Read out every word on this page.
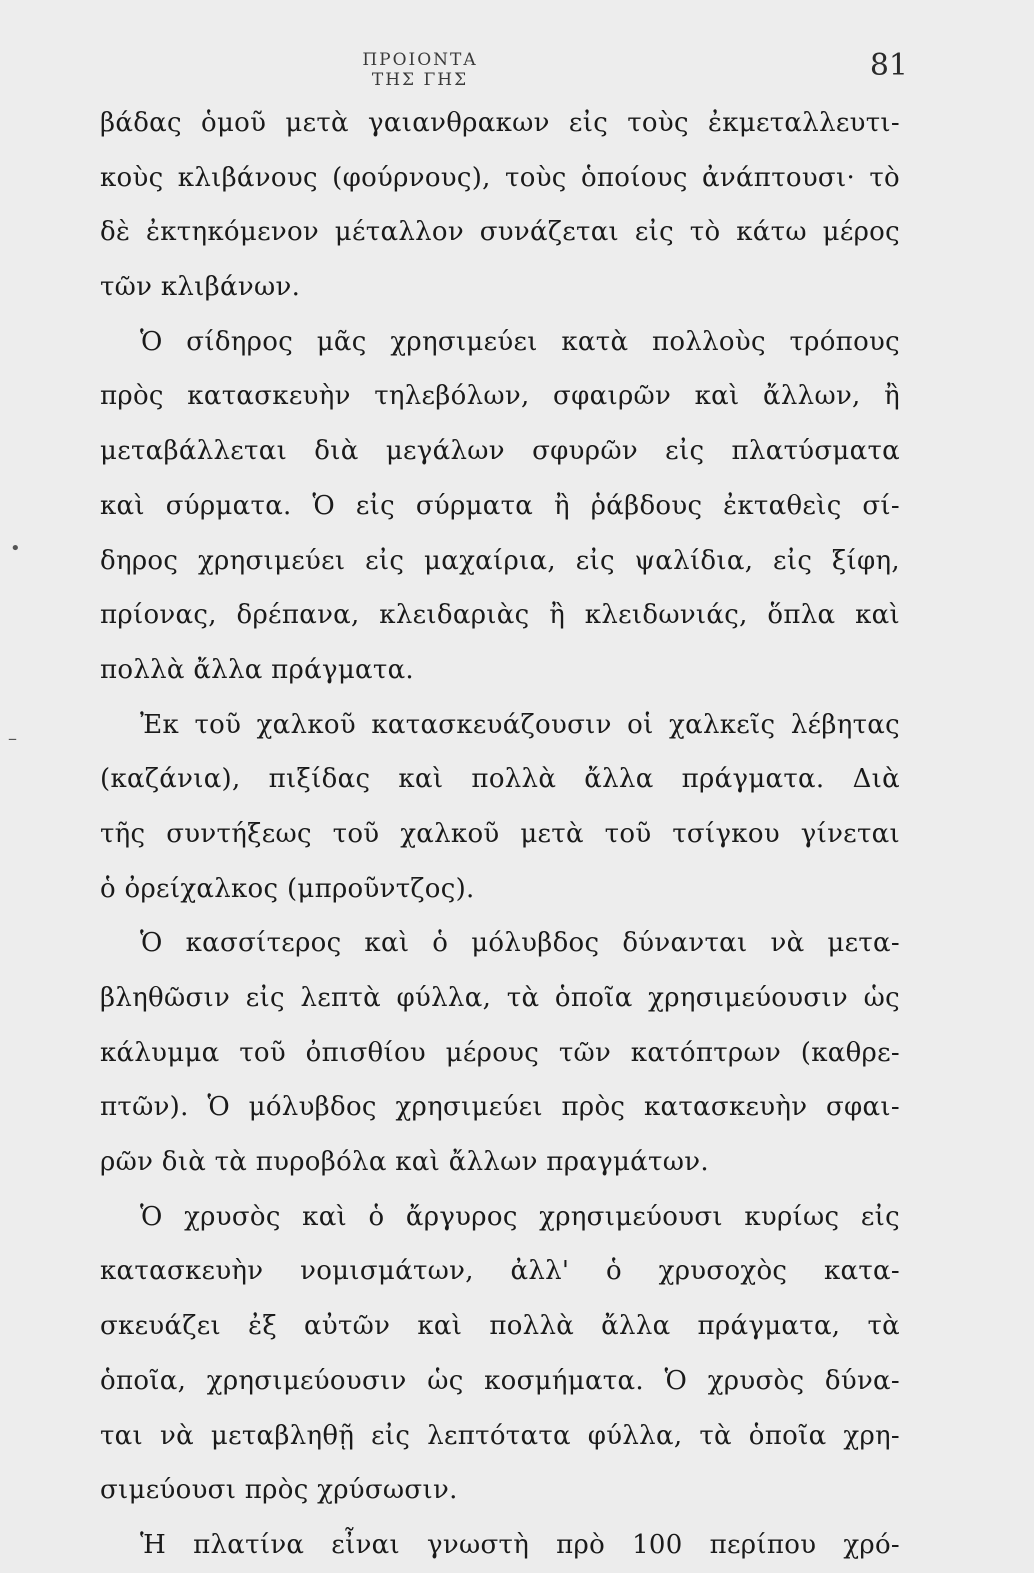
ΠΡΟΙΟΝΤΑ ΤΗΣ ΓΗΣ	81
βάδας ὁμοῦ μετὰ γαιανθρακων εἰς τοὺς ἐκμεταλλευτι-
κοὺς κλιβάνους (φούρνους), τοὺς ὁποίους ἀνάπτουσι· τὸ
δὲ ἐκτηκόμενον μέταλλον συνάζεται εἰς τὸ κάτω μέρος
τῶν κλιβάνων.
Ὁ σίδηρος μᾶς χρησιμεύει κατὰ πολλοὺς τρόπους
πρὸς κατασκευὴν τηλεβόλων, σφαιρῶν καὶ ἄλλων, ἢ
μεταβάλλεται διὰ μεγάλων σφυρῶν εἰς πλατύσματα
καὶ σύρματα. Ὁ εἰς σύρματα ἢ ῥάβδους ἐκταθεὶς σί-
δηρος χρησιμεύει εἰς μαχαίρια, εἰς ψαλίδια, εἰς ξίφη,
πρίονας, δρέπανα, κλειδαριὰς ἢ κλειδωνιάς, ὅπλα καὶ
πολλὰ ἄλλα πράγματα.
Ἐκ τοῦ χαλκοῦ κατασκευάζουσιν οἱ χαλκεῖς λέβητας
(καζάνια), πιξίδας καὶ πολλὰ ἄλλα πράγματα. Διὰ
τῆς συντήξεως τοῦ χαλκοῦ μετὰ τοῦ τσίγκου γίνεται
ὁ ὀρείχαλκος (μπροῦντζος).
Ὁ κασσίτερος καὶ ὁ μόλυβδος δύνανται νὰ μετα-
βληθῶσιν εἰς λεπτὰ φύλλα, τὰ ὁποῖα χρησιμεύουσιν ὡς
κάλυμμα τοῦ ὀπισθίου μέρους τῶν κατόπτρων (καθρε-
πτῶν). Ὁ μόλυβδος χρησιμεύει πρὸς κατασκευὴν σφαι-
ρῶν διὰ τὰ πυροβόλα καὶ ἄλλων πραγμάτων.
Ὁ χρυσὸς καὶ ὁ ἄργυρος χρησιμεύουσι κυρίως εἰς
κατασκευὴν νομισμάτων, ἀλλ' ὁ χρυσοχὸς κατα-
σκευάζει ἐξ αὐτῶν καὶ πολλὰ ἄλλα πράγματα, τὰ
ὁποῖα, χρησιμεύουσιν ὡς κοσμήματα. Ὁ χρυσὸς δύνα-
ται νὰ μεταβληθῇ εἰς λεπτότατα φύλλα, τὰ ὁποῖα χρη-
σιμεύουσι πρὸς χρύσωσιν.
Ἡ πλατίνα εἶναι γνωστὴ πρὸ 100 περίπου χρό-
•
–
